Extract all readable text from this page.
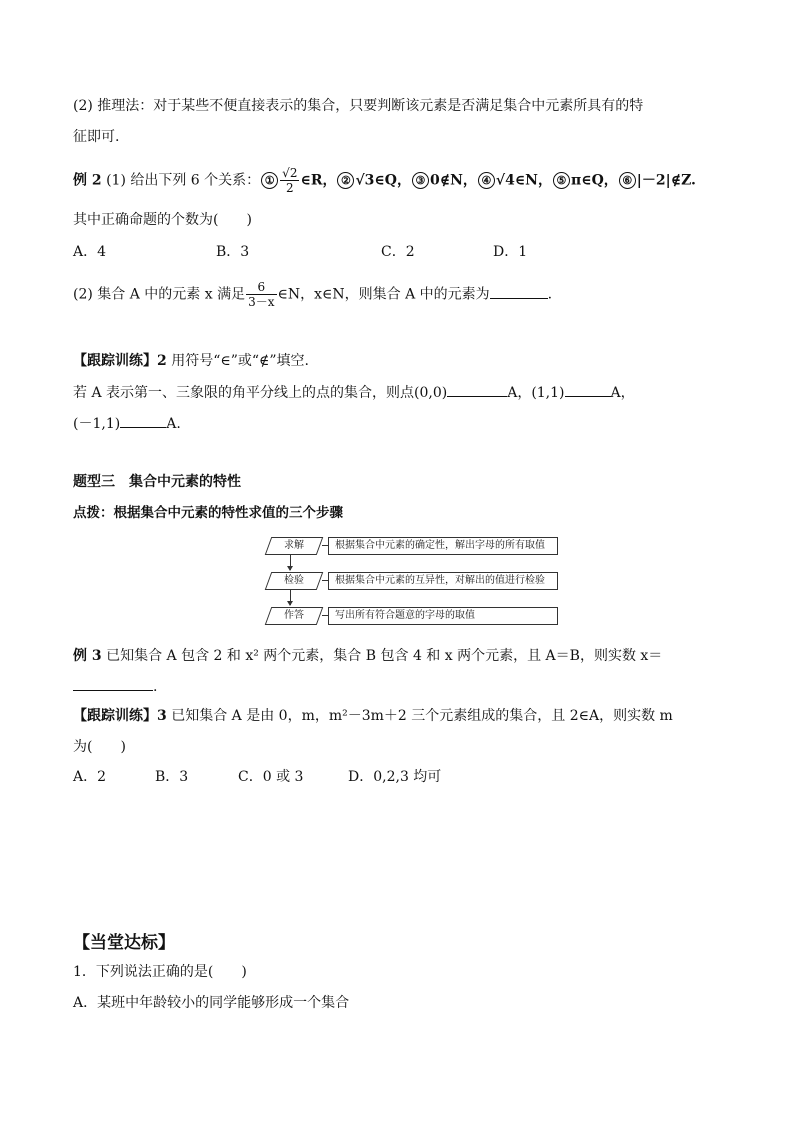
(2) 推理法：对于某些不便直接表示的集合，只要判断该元素是否满足集合中元素所具有的特
征即可.
例 2 (1) 给出下列 6 个关系： ① $\frac{√2}{2}$ ∈R， ② √3∈Q， ③ 0∉N， ④ √4∈N， ⑤ π∈Q， ⑥ |－2|∉Z.
其中正确命题的个数为(　　)
A．4	B．3	C．2	D．1
(2) 集合 A 中的元素 x 满足 $\frac{6}{3-x}$ ∈N，x∈N，则集合 A 中的元素为	.
【跟踪训练】2 用符号“∈”或“∉”填空.
若 A 表示第一、三象限的角平分线上的点的集合，则点(0,0)	A，(1,1)	A，
(－1,1)	A.
题型三　集合中元素的特性
点拨：根据集合中元素的特性求值的三个步骤
求解	根据集合中元素的确定性，解出字母的所有取值
检验	根据集合中元素的互异性，对解出的值进行检验
作答	写出所有符合题意的字母的取值
例 3 已知集合 A 包含 2 和 x² 两个元素，集合 B 包含 4 和 x 两个元素，且 A＝B，则实数 x＝
.
【跟踪训练】3 已知集合 A 是由 0，m，m²－3m＋2 三个元素组成的集合，且 2∈A，则实数 m
为(　　)
A．2	B．3	C．0 或 3	D．0,2,3 均可
【当堂达标】
1．下列说法正确的是(　　)
A．某班中年龄较小的同学能够形成一个集合
